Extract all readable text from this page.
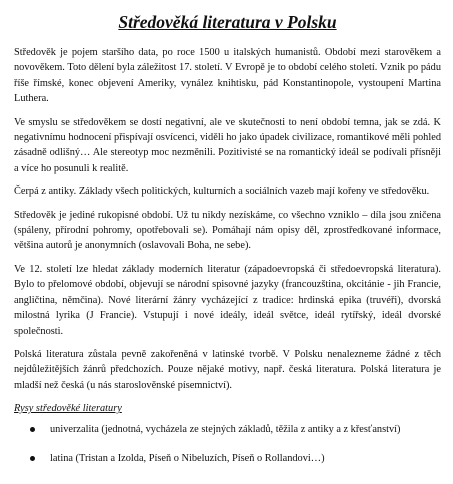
Středověká literatura v Polsku

Středověk je pojem staršího data, po roce 1500 u italských humanistů. Období mezi starověkem a novověkem. Toto dělení byla záležitost 17. století. V Evropě je to období celého století. Vznik po pádu říše římské, konec objevení Ameriky, vynález knihtisku, pád Konstantinopole, vystoupení Martina Luthera.

Ve smyslu se středověkem se dostí negativní, ale ve skutečnosti to není období temna, jak se zdá. K negativnímu hodnocení přispívají osvícenci, viděli ho jako úpadek civilizace, romantikové měli pohled zásadně odlišný… Ale stereotyp moc nezměnili. Pozitivisté se na romantický ideál se podívali přísněji a více ho posunuli k realitě.

Čerpá z antiky. Základy všech politických, kulturních a sociálních vazeb mají kořeny ve středověku.

Středověk je jediné rukopisné období. Už tu nikdy nezískáme, co všechno vzniklo – díla jsou zničena (spáleny, přírodní pohromy, opotřebovali se). Pomáhají nám opisy děl, zprostředkované informace, většina autorů je anonymních (oslavovali Boha, ne sebe).

Ve 12. století lze hledat základy moderních literatur (západoevropská či středoevropská literatura). Bylo to přelomové období, objevují se národní spisovné jazyky (francouzština, okcitánie - jih Francie, angličtina, němčina). Nové literární žánry vycházející z tradice: hrdinská epika (truvéři), dvorská milostná lyrika (J Francie). Vstupují i nové ideály, ideál světce, ideál rytířský, ideál dvorské společnosti.

Polská literatura zůstala pevně zakořeněná v latinské tvorbě. V Polsku nenalezneme žádné z těch nejdůležitějších žánrů předchozích. Pouze nějaké motivy, např. česká literatura. Polská literatura je mladší než česká (u nás staroslověnské písemnictví).

Rysy středověké literatury
univerzalita (jednotná, vycházela ze stejných základů, těžila z antiky a z křesťanství)
latina (Tristan a Izolda, Píseň o Nibeluzích, Píseň o Rollandovi…)
